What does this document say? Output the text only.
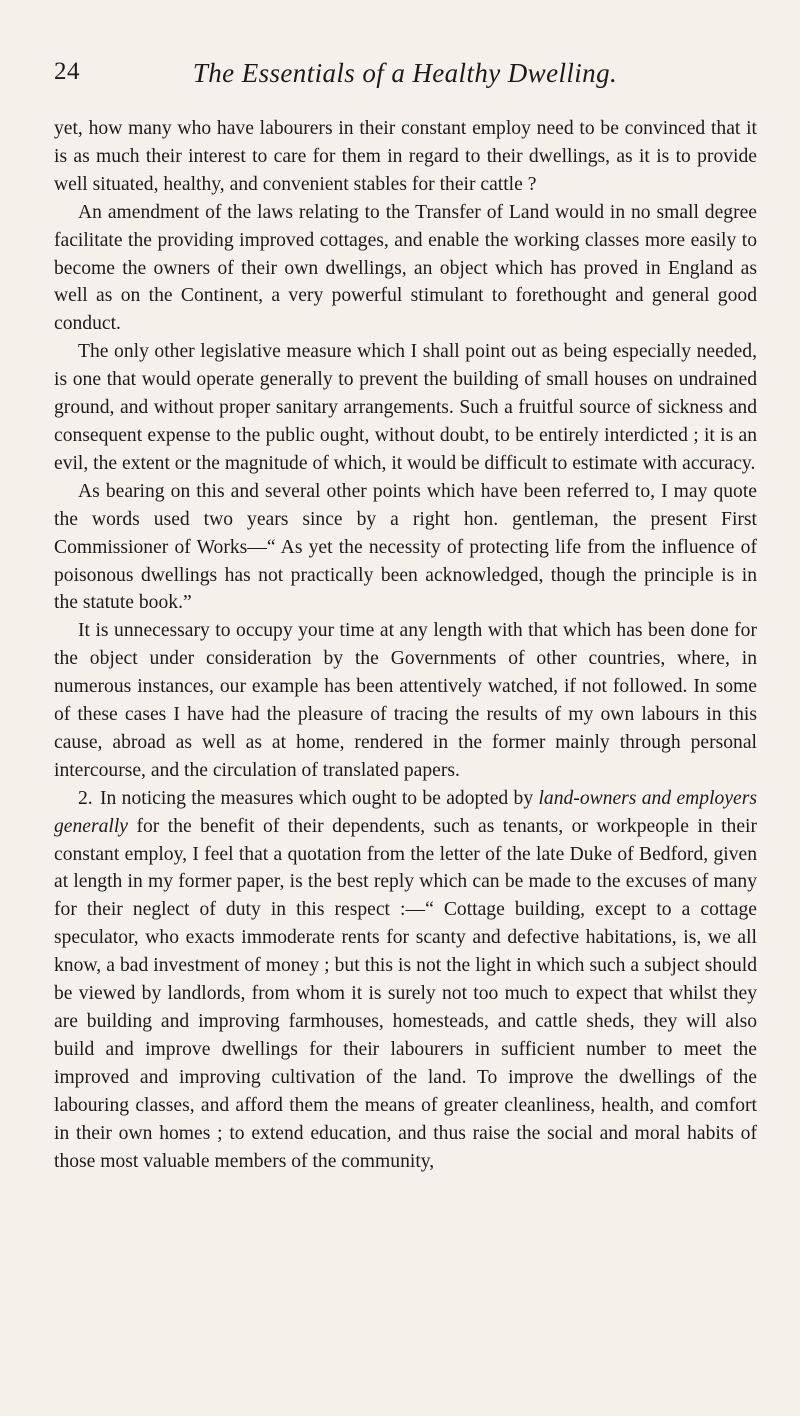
24	The Essentials of a Healthy Dwelling.

yet, how many who have labourers in their constant employ need to be convinced that it is as much their interest to care for them in regard to their dwellings, as it is to provide well situated, healthy, and convenient stables for their cattle ?

An amendment of the laws relating to the Transfer of Land would in no small degree facilitate the providing improved cottages, and enable the working classes more easily to become the owners of their own dwellings, an object which has proved in England as well as on the Continent, a very powerful stimulant to forethought and general good conduct.

The only other legislative measure which I shall point out as being especially needed, is one that would operate generally to prevent the building of small houses on undrained ground, and without proper sanitary arrangements. Such a fruitful source of sickness and consequent expense to the public ought, without doubt, to be entirely interdicted ; it is an evil, the extent or the magnitude of which, it would be difficult to estimate with accuracy.

As bearing on this and several other points which have been referred to, I may quote the words used two years since by a right hon. gentleman, the present First Commissioner of Works—“ As yet the necessity of protecting life from the influence of poisonous dwellings has not practically been acknowledged, though the principle is in the statute book.”

It is unnecessary to occupy your time at any length with that which has been done for the object under consideration by the Governments of other countries, where, in numerous instances, our example has been attentively watched, if not followed. In some of these cases I have had the pleasure of tracing the results of my own labours in this cause, abroad as well as at home, rendered in the former mainly through personal intercourse, and the circulation of translated papers.

2. In noticing the measures which ought to be adopted by land-owners and employers generally for the benefit of their dependents, such as tenants, or workpeople in their constant employ, I feel that a quotation from the letter of the late Duke of Bedford, given at length in my former paper, is the best reply which can be made to the excuses of many for their neglect of duty in this respect :—“ Cottage building, except to a cottage speculator, who exacts immoderate rents for scanty and defective habitations, is, we all know, a bad investment of money ; but this is not the light in which such a subject should be viewed by landlords, from whom it is surely not too much to expect that whilst they are building and improving farmhouses, homesteads, and cattle sheds, they will also build and improve dwellings for their labourers in sufficient number to meet the improved and improving cultivation of the land. To improve the dwellings of the labouring classes, and afford them the means of greater cleanliness, health, and comfort in their own homes ; to extend education, and thus raise the social and moral habits of those most valuable members of the community,
